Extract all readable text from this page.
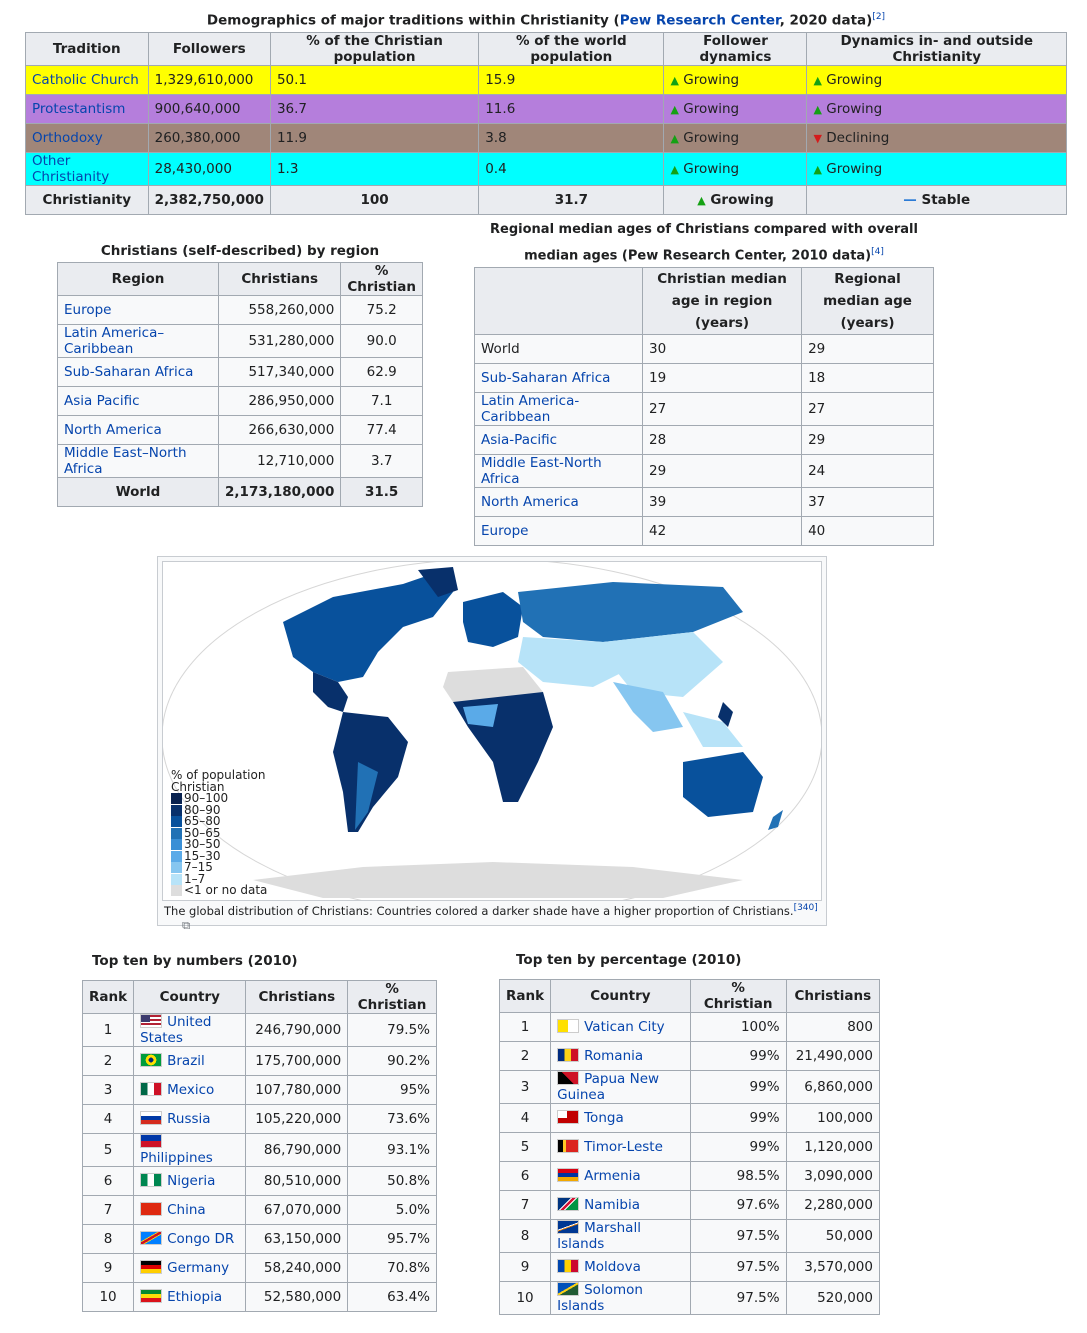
Demographics of major traditions within Christianity (Pew Research Center, 2020 data)[2]
Tradition	Followers	% of the Christian population	% of the world population	Follower dynamics	Dynamics in- and outside Christianity
Catholic Church	1,329,610,000	50.1	15.9	▲ Growing	▲ Growing
Protestantism	900,640,000	36.7	11.6	▲ Growing	▲ Growing
Orthodoxy	260,380,000	11.9	3.8	▲ Growing	▼ Declining
Other Christianity	28,430,000	1.3	0.4	▲ Growing	▲ Growing
Christianity	2,382,750,000	100	31.7	▲ Growing	— Stable
Christians (self-described) by region
Region	Christians	% Christian
Europe	558,260,000	75.2
Latin America–Caribbean	531,280,000	90.0
Sub-Saharan Africa	517,340,000	62.9
Asia Pacific	286,950,000	7.1
North America	266,630,000	77.4
Middle East–North Africa	12,710,000	3.7
World	2,173,180,000	31.5
Regional median ages of Christians compared with overall
median ages (Pew Research Center, 2010 data)[4]
	Christian median age in region (years)	Regional median age (years)
World	30	29
Sub-Saharan Africa	19	18
Latin America-Caribbean	27	27
Asia-Pacific	28	29
Middle East-North Africa	29	24
North America	39	37
Europe	42	40
% of population Christian
90–100
80–90
65–80
50–65
30–50
15–30
7–15
1–7
<1 or no data
The global distribution of Christians: Countries colored a darker shade have a higher proportion of Christians.[340] ⧉
Top ten by numbers (2010)
Rank	Country	Christians	% Christian
1	United States	246,790,000	79.5%
2	Brazil	175,700,000	90.2%
3	Mexico	107,780,000	95%
4	Russia	105,220,000	73.6%
5	Philippines	86,790,000	93.1%
6	Nigeria	80,510,000	50.8%
7	China	67,070,000	5.0%
8	Congo DR	63,150,000	95.7%
9	Germany	58,240,000	70.8%
10	Ethiopia	52,580,000	63.4%
Top ten by percentage (2010)
Rank	Country	% Christian	Christians
1	Vatican City	100%	800
2	Romania	99%	21,490,000
3	Papua New Guinea	99%	6,860,000
4	Tonga	99%	100,000
5	Timor-Leste	99%	1,120,000
6	Armenia	98.5%	3,090,000
7	Namibia	97.6%	2,280,000
8	Marshall Islands	97.5%	50,000
9	Moldova	97.5%	3,570,000
10	Solomon Islands	97.5%	520,000
